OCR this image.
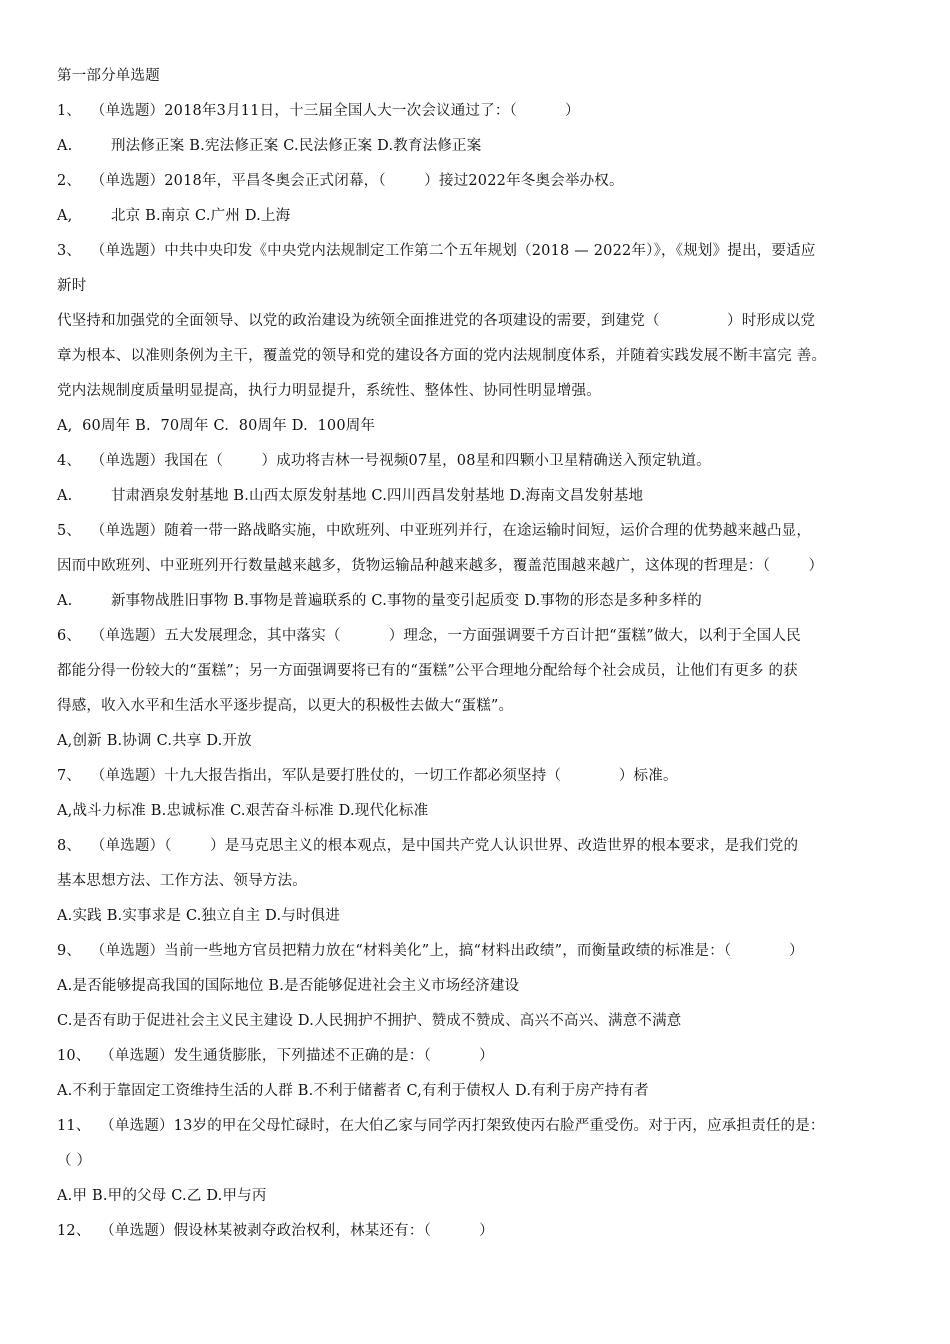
第一部分单选题
1、  （单选题）2018年3月11日，十三届全国人大一次会议通过了：（          ）
A.        刑法修正案 B.宪法修正案 C.民法修正案 D.教育法修正案
2、  （单选题）2018年，平昌冬奥会正式闭幕，（        ）接过2022年冬奥会举办权。
A,        北京 B.南京 C.广州 D.上海
3、  （单选题）中共中央印发《中央党内法规制定工作第二个五年规划（2018 — 2022年）》，《规划》提出，要适应
新时
代坚持和加强党的全面领导、以党的政治建设为统领全面推进党的各项建设的需要，到建党（              ）时形成以党
章为根本、以准则条例为主干，覆盖党的领导和党的建设各方面的党内法规制度体系，并随着实践发展不断丰富完 善。
党内法规制度质量明显提高，执行力明显提升，系统性、整体性、协同性明显增强。
A,  60周年 B.  70周年 C.  80周年 D.  100周年
4、  （单选题）我国在（        ）成功将吉林一号视频07星，08星和四颗小卫星精确送入预定轨道。
A.        甘肃酒泉发射基地 B.山西太原发射基地 C.四川西昌发射基地 D.海南文昌发射基地
5、  （单选题）随着一带一路战略实施，中欧班列、中亚班列并行，在途运输时间短，运价合理的优势越来越凸显，
因而中欧班列、中亚班列开行数量越来越多，货物运输品种越来越多，覆盖范围越来越广，这体现的哲理是：（        ）
A.        新事物战胜旧事物 B.事物是普遍联系的 C.事物的量变引起质变 D.事物的形态是多种多样的
6、  （单选题）五大发展理念，其中落实（          ）理念，一方面强调要千方百计把“蛋糕”做大，以利于全国人民
都能分得一份较大的“蛋糕”；另一方面强调要将已有的“蛋糕”公平合理地分配给每个社会成员，让他们有更多 的获
得感，收入水平和生活水平逐步提高，以更大的积极性去做大“蛋糕”。
A,创新 B.协调 C.共享 D.开放
7、  （单选题）十九大报告指出，军队是要打胜仗的，一切工作都必须坚持（            ）标准。
A,战斗力标准 B.忠诚标准 C.艰苦奋斗标准 D.现代化标准
8、  （单选题）（        ）是马克思主义的根本观点，是中国共产党人认识世界、改造世界的根本要求，是我们党的
基本思想方法、工作方法、领导方法。
A.实践 B.实事求是 C.独立自主 D.与时俱进
9、  （单选题）当前一些地方官员把精力放在“材料美化”上，搞“材料出政绩”，而衡量政绩的标准是：（            ）
A.是否能够提高我国的国际地位 B.是否能够促进社会主义市场经济建设
C.是否有助于促进社会主义民主建设 D.人民拥护不拥护、赞成不赞成、高兴不高兴、满意不满意
10、  （单选题）发生通货膨胀，下列描述不正确的是：（          ）
A.不利于靠固定工资维持生活的人群 B.不利于储蓄者 C,有利于债权人 D.有利于房产持有者
11、  （单选题）13岁的甲在父母忙碌时，在大伯乙家与同学丙打架致使丙右脸严重受伤。对于丙，应承担责任的是：
（ ）
A.甲 B.甲的父母 C.乙 D.甲与丙
12、  （单选题）假设林某被剥夺政治权利，林某还有：（          ）
